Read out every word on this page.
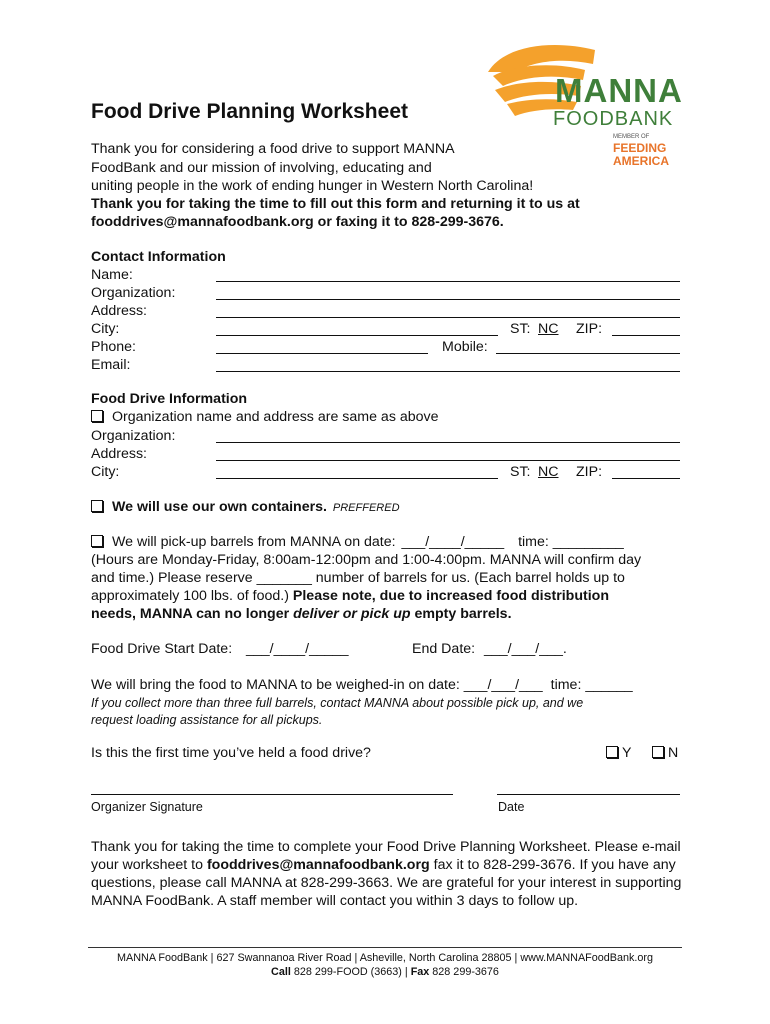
MANNA
FOODBANK
MEMBER OF
FEEDING
AMERICA
Food Drive Planning Worksheet
Thank you for considering a food drive to support MANNA
FoodBank and our mission of involving, educating and
uniting people in the work of ending hunger in Western North Carolina!
Thank you for taking the time to fill out this form and returning it to us at
fooddrives@mannafoodbank.org or faxing it to 828-299-3676.
Contact Information
Name:
Organization:
Address:
City:	ST: NC ZIP:
Phone:	Mobile:
Email:
Food Drive Information
Organization name and address are same as above
Organization:
Address:
City:	ST: NC ZIP:
We will use our own containers. PREFFERED
We will pick-up barrels from MANNA on date: ___/____/_____ time: _________
(Hours are Monday-Friday, 8:00am-12:00pm and 1:00-4:00pm. MANNA will confirm day
and time.) Please reserve _______ number of barrels for us. (Each barrel holds up to
approximately 100 lbs. of food.) Please note, due to increased food distribution
needs, MANNA can no longer deliver or pick up empty barrels.
Food Drive Start Date: ___/____/_____	End Date: ___/___/___.
We will bring the food to MANNA to be weighed-in on date: ___/___/___ time: ______
If you collect more than three full barrels, contact MANNA about possible pick up, and we
request loading assistance for all pickups.
Is this the first time you’ve held a food drive?	Y	N
Organizer Signature	Date
Thank you for taking the time to complete your Food Drive Planning Worksheet. Please e-mail
your worksheet to fooddrives@mannafoodbank.org fax it to 828-299-3676. If you have any
questions, please call MANNA at 828-299-3663. We are grateful for your interest in supporting
MANNA FoodBank. A staff member will contact you within 3 days to follow up.
MANNA FoodBank | 627 Swannanoa River Road | Asheville, North Carolina 28805 | www.MANNAFoodBank.org
Call 828 299-FOOD (3663) | Fax 828 299-3676
